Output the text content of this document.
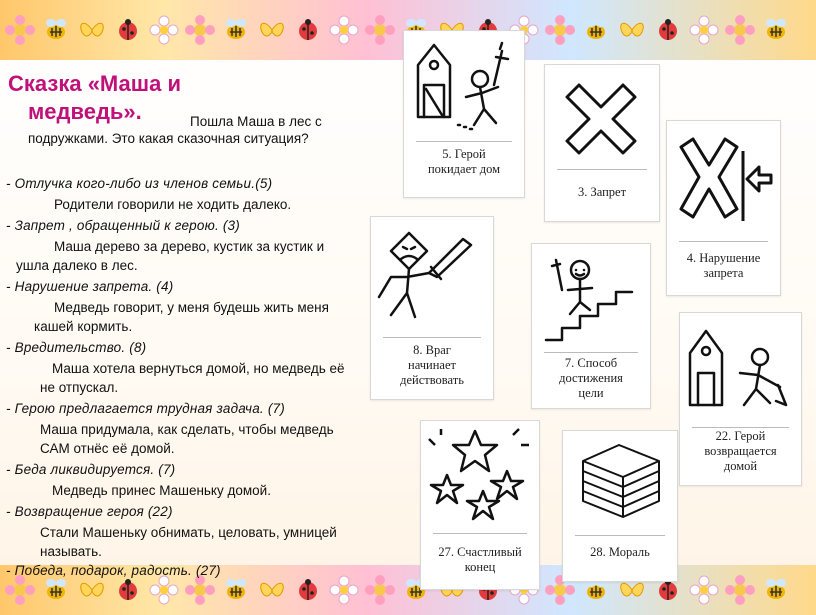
Сказка «Маша и
медведь».	Пошла Маша в лес с
подружками. Это какая сказочная ситуация?
- Отлучка кого-либо из членов семьи.(5)
Родители говорили не ходить далеко.
- Запрет , обращенный к герою. (3)
Маша дерево за дерево, кустик за кустик и ушла далеко в лес.
- Нарушение запрета. (4)
Медведь говорит, у меня будешь жить меня кашей кормить.
- Вредительство. (8)
Маша хотела вернуться домой, но медведь её не отпускал.
- Герою предлагается трудная задача. (7)
Маша придумала, как сделать, чтобы медведь САМ отнёс её домой.
- Беда ликвидируется. (7)
Медведь принес Машеньку домой.
- Возвращение героя (22)
Стали Машеньку обнимать, целовать, умницей называть.
- Победа, подарок, радость. (27)
5. Герой
покидает дом
3. Запрет
4. Нарушение
запрета
8. Враг
начинает
действовать
7. Способ
достижения
цели
22. Герой
возвращается
домой
27. Счастливый
конец
28. Мораль
